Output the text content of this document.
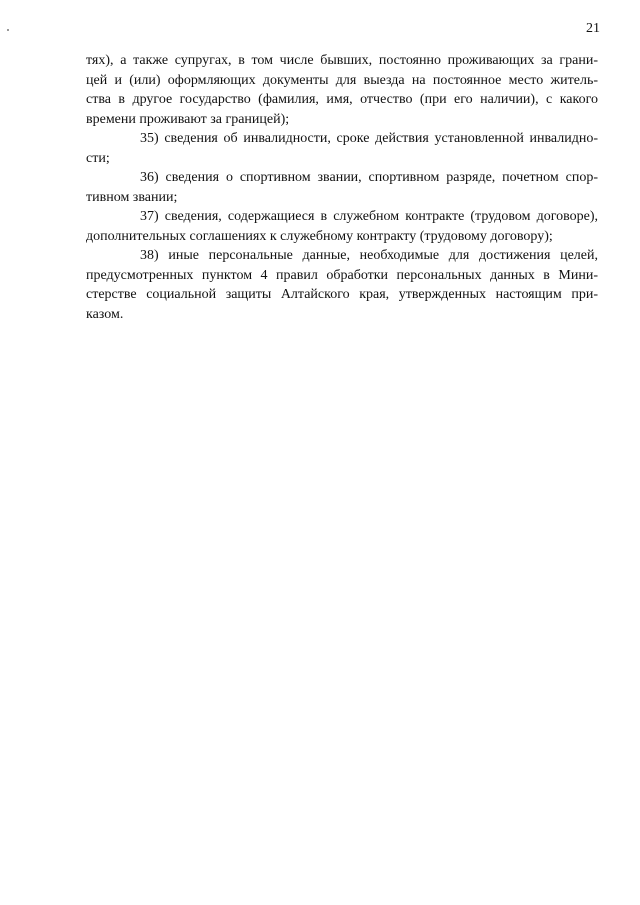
21
тях), а также супругах, в том числе бывших, постоянно проживающих за грани-
цей и (или) оформляющих документы для выезда на постоянное место житель-
ства в другое государство (фамилия, имя, отчество (при его наличии), с какого
времени проживают за границей);
35) сведения об инвалидности, сроке действия установленной инвалидно-
сти;
36) сведения о спортивном звании, спортивном разряде, почетном спор-
тивном звании;
37) сведения, содержащиеся в служебном контракте (трудовом договоре),
дополнительных соглашениях к служебному контракту (трудовому договору);
38) иные персональные данные, необходимые для достижения целей,
предусмотренных пунктом 4 правил обработки персональных данных в Мини-
стерстве социальной защиты Алтайского края, утвержденных настоящим при-
казом.
